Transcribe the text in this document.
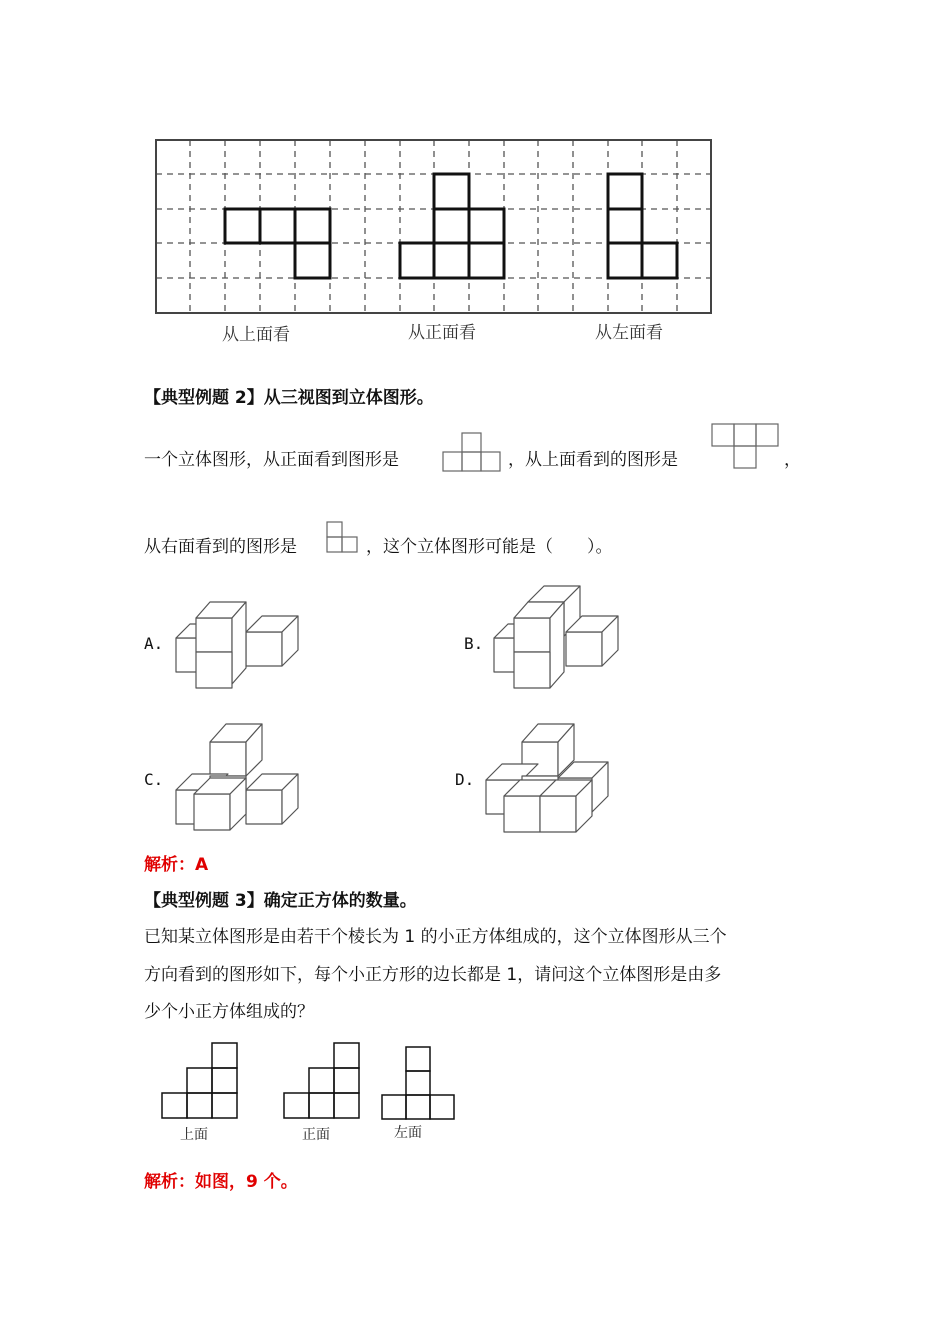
从上面看	从正面看	从左面看
【典型例题 2】从三视图到立体图形。
一个立体图形，从正面看到图形是	，从上面看到的图形是	，
从右面看到的图形是	，这个立体图形可能是（　　）。
A.	B.
C.	D.
解析：A
【典型例题 3】确定正方体的数量。
已知某立体图形是由若干个棱长为 1 的小正方体组成的，这个立体图形从三个
方向看到的图形如下，每个小正方形的边长都是 1，请问这个立体图形是由多
少个小正方体组成的？
上面	正面	左面
解析：如图，9 个。
